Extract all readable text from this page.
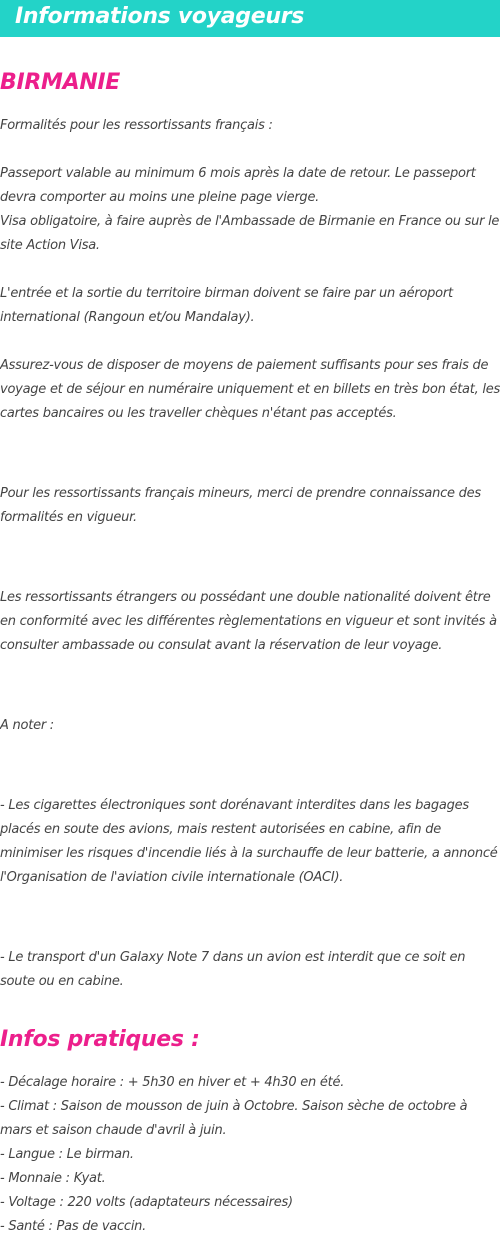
Informations voyageurs
BIRMANIE

Formalités pour les ressortissants français :

Passeport valable au minimum 6 mois après la date de retour. Le passeport devra comporter au moins une pleine page vierge.
Visa obligatoire, à faire auprès de l'Ambassade de Birmanie en France ou sur le site Action Visa.

L'entrée et la sortie du territoire birman doivent se faire par un aéroport international (Rangoun et/ou Mandalay).

Assurez-vous de disposer de moyens de paiement suffisants pour ses frais de voyage et de séjour en numéraire uniquement et en billets en très bon état, les cartes bancaires ou les traveller chèques n'étant pas acceptés.

Pour les ressortissants français mineurs, merci de prendre connaissance des formalités en vigueur.

Les ressortissants étrangers ou possédant une double nationalité doivent être en conformité avec les différentes règlementations en vigueur et sont invités à consulter ambassade ou consulat avant la réservation de leur voyage.

A noter :

- Les cigarettes électroniques sont dorénavant interdites dans les bagages placés en soute des avions, mais restent autorisées en cabine, afin de minimiser les risques d'incendie liés à la surchauffe de leur batterie, a annoncé l'Organisation de l'aviation civile internationale (OACI).

- Le transport d'un Galaxy Note 7 dans un avion est interdit que ce soit en soute ou en cabine.

Infos pratiques :
- Décalage horaire : + 5h30 en hiver et + 4h30 en été.
- Climat : Saison de mousson de juin à Octobre. Saison sèche de octobre à mars et saison chaude d'avril à juin.
- Langue : Le birman.
- Monnaie : Kyat.
- Voltage : 220 volts (adaptateurs nécessaires)
- Santé : Pas de vaccin.
